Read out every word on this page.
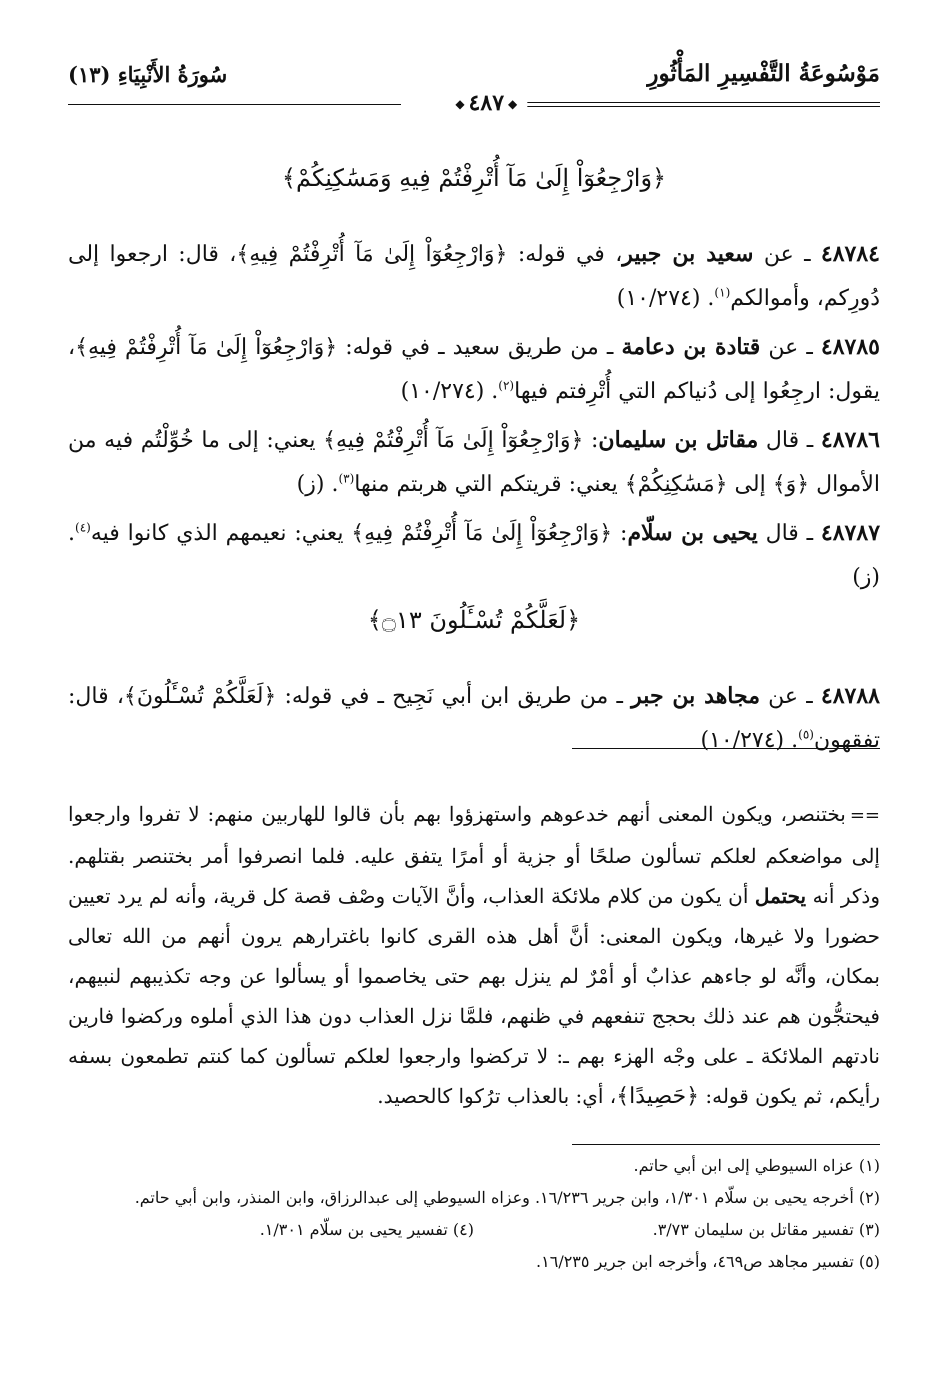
مَوْسُوعَةُ التَّفْسِيرِ المَأْثُورِ
سُورَةُ الأَنْبِيَاءِ (١٣)
◆٤٨٧◆
﴿وَارْجِعُوٓاْ إِلَىٰ مَآ أُتْرِفْتُمْ فِيهِ وَمَسَٰكِنِكُمْ﴾

٤٨٧٨٤ ـ عن سعيد بن جبير، في قوله: ﴿وَارْجِعُوٓاْ إِلَىٰ مَآ أُتْرِفْتُمْ فِيهِ﴾، قال: ارجعوا إلى دُورِكم، وأموالكم$^{(١)}$. (١٠/٢٧٤)

٤٨٧٨٥ ـ عن قتادة بن دعامة ـ من طريق سعيد ـ في قوله: ﴿وَارْجِعُوٓاْ إِلَىٰ مَآ أُتْرِفْتُمْ فِيهِ﴾، يقول: ارجِعُوا إلى دُنياكم التي أُتْرِفتم فيها$^{(٢)}$. (١٠/٢٧٤)

٤٨٧٨٦ ـ قال مقاتل بن سليمان: ﴿وَارْجِعُوٓاْ إِلَىٰ مَآ أُتْرِفْتُمْ فِيهِ﴾ يعني: إلى ما خُوِّلْتُم فيه من الأموال ﴿وَ﴾ إلى ﴿مَسَٰكِنِكُمْ﴾ يعني: قريتكم التي هربتم منها$^{(٣)}$. (ز)

٤٨٧٨٧ ـ قال يحيى بن سلّام: ﴿وَارْجِعُوٓاْ إِلَىٰ مَآ أُتْرِفْتُمْ فِيهِ﴾ يعني: نعيمهم الذي كانوا فيه$^{(٤)}$. (ز)

﴿لَعَلَّكُمْ تُسْـَٔلُونَ ۝١٣﴾

٤٨٧٨٨ ـ عن مجاهد بن جبر ـ من طريق ابن أبي نَجِيح ـ في قوله: ﴿لَعَلَّكُمْ تُسْـَٔلُونَ﴾، قال: تفقهون$^{(٥)}$. (١٠/٢٧٤)

==بختنصر، ويكون المعنى أنهم خدعوهم واستهزؤوا بهم بأن قالوا للهاربين منهم: لا تفروا وارجعوا إلى مواضعكم لعلكم تسألون صلحًا أو جزية أو أمرًا يتفق عليه. فلما انصرفوا أمر بختنصر بقتلهم. وذكر أنه يحتمل أن يكون من كلام ملائكة العذاب، وأنَّ الآيات وصْف قصة كل قرية، وأنه لم يرد تعيين حضورا ولا غيرها، ويكون المعنى: أنَّ أهل هذه القرى كانوا باغترارهم يرون أنهم من الله تعالى بمكان، وأنَّه لو جاءهم عذابٌ أو أمْرٌ لم ينزل بهم حتى يخاصموا أو يسألوا عن وجه تكذيبهم لنبيهم، فيحتجُّون هم عند ذلك بحجج تنفعهم في ظنهم، فلمَّا نزل العذاب دون هذا الذي أملوه وركضوا فارين نادتهم الملائكة ـ على وجْه الهزء بهم ـ: لا تركضوا وارجعوا لعلكم تسألون كما كنتم تطمعون بسفه رأيكم، ثم يكون قوله: ﴿حَصِيدًا﴾، أي: بالعذاب ترُكوا كالحصيد.

(١) عزاه السيوطي إلى ابن أبي حاتم.

(٢) أخرجه يحيى بن سلّام ١/٣٠١، وابن جرير ١٦/٢٣٦. وعزاه السيوطي إلى عبدالرزاق، وابن المنذر، وابن أبي حاتم.

(٣) تفسير مقاتل بن سليمان ٣/٧٣.

(٤) تفسير يحيى بن سلّام ١/٣٠١.

(٥) تفسير مجاهد ص٤٦٩، وأخرجه ابن جرير ١٦/٢٣٥.
